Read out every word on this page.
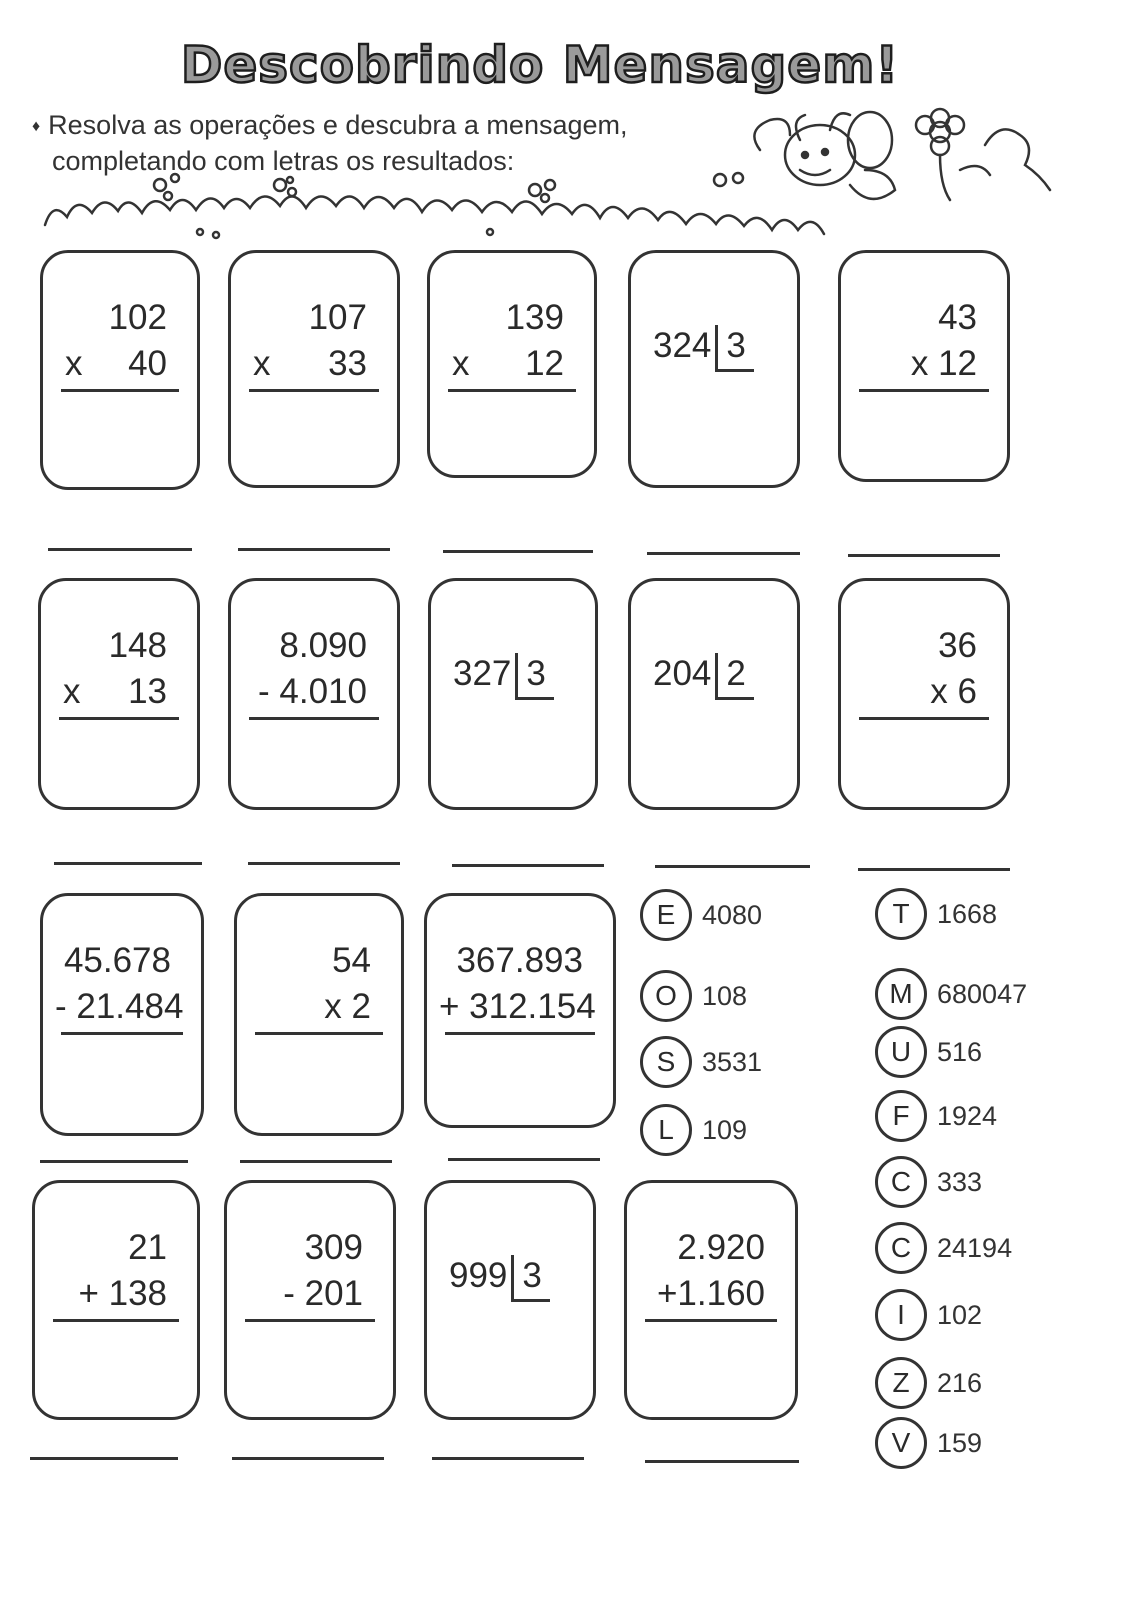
Descobrindo Mensagem!
♦ Resolva as operações e descubra a mensagem,
completando com letras os resultados:
102
x 40
107
x 33
139
x 12	324 3
43
x 12
148
x 13
8.090
- 4.010	327 3	204 2
36
x 6
45.678
- 21.484
54
x 2
367.893
+ 312.154
21
+ 138
309
- 201	999 3
2.920
+1.160
E 4080
O 108
S 3531
L	109
T	1668
M 680047
U 516
F	1924
C 333
C 24194
I	102
Z	216
V 159
